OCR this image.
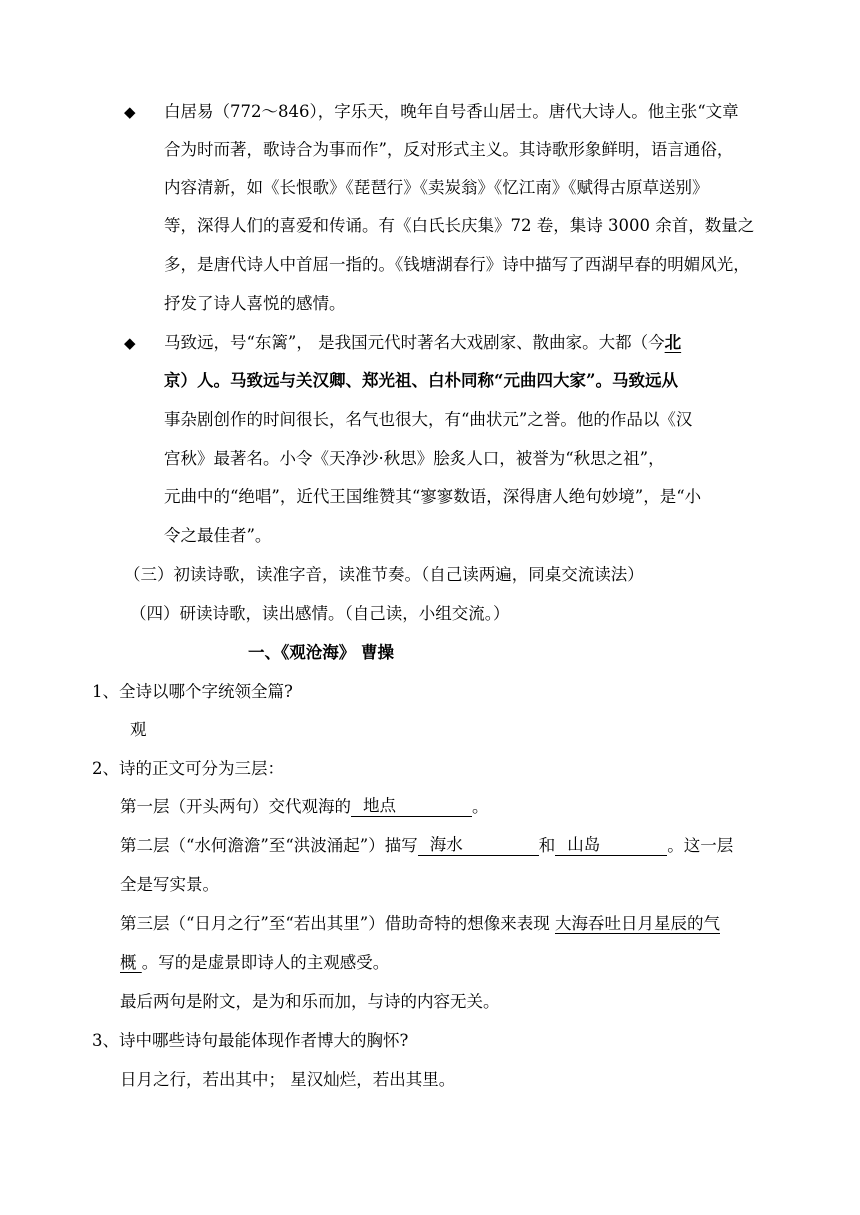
◆ 白居易（772～846），字乐天，晚年自号香山居士。唐代大诗人。他主张“文章
合为时而著，歌诗合为事而作”，反对形式主义。其诗歌形象鲜明，语言通俗，
内容清新，如《长恨歌》《琵琶行》《卖炭翁》《忆江南》《赋得古原草送别》
等，深得人们的喜爱和传诵。有《白氏长庆集》72 卷，集诗 3000 余首，数量之
多，是唐代诗人中首屈一指的。《钱塘湖春行》诗中描写了西湖早春的明媚风光，
抒发了诗人喜悦的感情。
◆ 马致远，号“东篱”， 是我国元代时著名大戏剧家、散曲家。大都（今北
京）人。马致远与关汉卿、郑光祖、白朴同称“元曲四大家”。马致远从
事杂剧创作的时间很长，名气也很大，有“曲状元”之誉。他的作品以《汉
宫秋》最著名。小令《天净沙·秋思》脍炙人口，被誉为“秋思之祖”，
元曲中的“绝唱”，近代王国维赞其“寥寥数语，深得唐人绝句妙境”，是“小
令之最佳者”。
（三）初读诗歌，读准字音，读准节奏。（自己读两遍，同桌交流读法）
（四）研读诗歌，读出感情。（自己读，小组交流。）
一、《观沧海》 曹操
1、全诗以哪个字统领全篇?
观
2、诗的正文可分为三层：
第一层（开头两句）交代观海的 地点	。
第二层（“水何澹澹”至“洪波涌起”）描写 海水	和 山岛	。这一层
全是写实景。
第三层（“日月之行”至“若出其里”）借助奇特的想像来表现 大海吞吐日月星辰的气
概 。写的是虚景即诗人的主观感受。
最后两句是附文，是为和乐而加，与诗的内容无关。
3、诗中哪些诗句最能体现作者博大的胸怀?
日月之行，若出其中； 星汉灿烂，若出其里。
